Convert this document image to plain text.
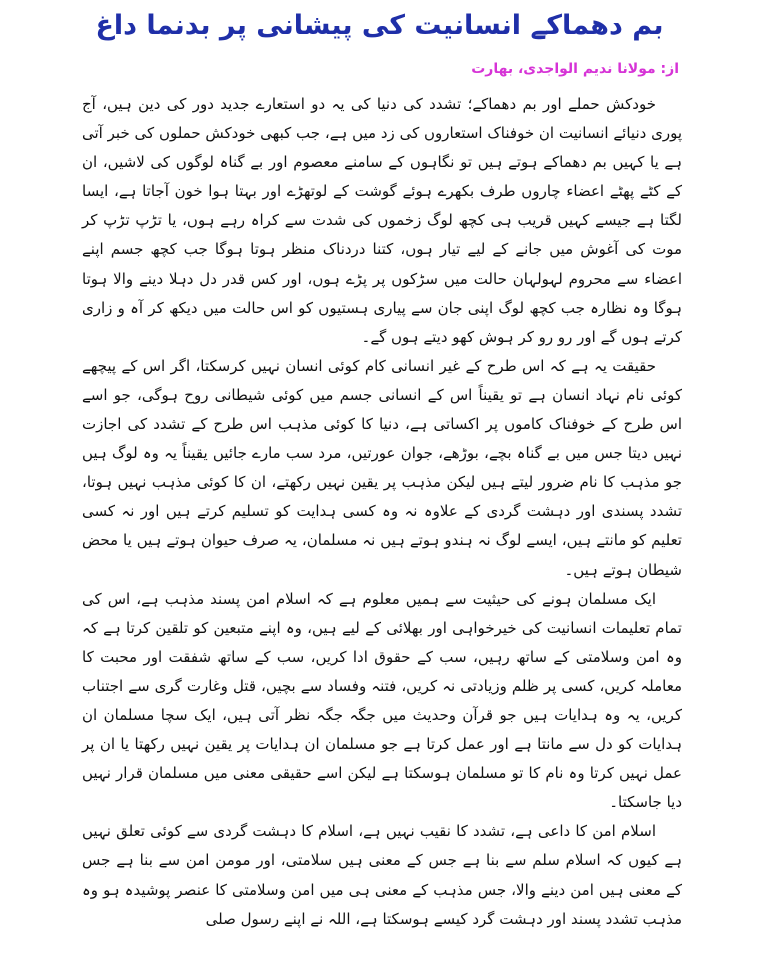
بم دھماکے انسانیت کی پیشانی پر بدنما داغ
از: مولانا ندیم الواجدی، بھارت

خودکش حملے اور بم دھماکے؛ تشدد کی دنیا کی یہ دو استعارے جدید دور کی دین ہیں، آج پوری دنیائے انسانیت ان خوفناک استعاروں کی زد میں ہے، جب کبھی خودکش حملوں کی خبر آتی ہے یا کہیں بم دھماکے ہوتے ہیں تو نگاہوں کے سامنے معصوم اور بے گناہ لوگوں کی لاشیں، ان کے کٹے پھٹے اعضاء چاروں طرف بکھرے ہوئے گوشت کے لوتھڑے اور بہتا ہوا خون آجاتا ہے، ایسا لگتا ہے جیسے کہیں قریب ہی کچھ لوگ زخموں کی شدت سے کراہ رہے ہوں، یا تڑپ تڑپ کر موت کی آغوش میں جانے کے لیے تیار ہوں، کتنا دردناک منظر ہوتا ہوگا جب کچھ جسم اپنے اعضاء سے محروم لہولہان حالت میں سڑکوں پر پڑے ہوں، اور کس قدر دل دہلا دینے والا ہوتا ہوگا وہ نظارہ جب کچھ لوگ اپنی جان سے پیاری ہستیوں کو اس حالت میں دیکھ کر آہ و زاری کرتے ہوں گے اور رو رو کر ہوش کھو دیتے ہوں گے۔

حقیقت یہ ہے کہ اس طرح کے غیر انسانی کام کوئی انسان نہیں کرسکتا، اگر اس کے پیچھے کوئی نام نہاد انسان ہے تو یقیناً اس کے انسانی جسم میں کوئی شیطانی روح ہوگی، جو اسے اس طرح کے خوفناک کاموں پر اکساتی ہے، دنیا کا کوئی مذہب اس طرح کے تشدد کی اجازت نہیں دیتا جس میں بے گناہ بچے، بوڑھے، جوان عورتیں، مرد سب مارے جائیں یقیناً یہ وہ لوگ ہیں جو مذہب کا نام ضرور لیتے ہیں لیکن مذہب پر یقین نہیں رکھتے، ان کا کوئی مذہب نہیں ہوتا، تشدد پسندی اور دہشت گردی کے علاوہ نہ وہ کسی ہدایت کو تسلیم کرتے ہیں اور نہ کسی تعلیم کو مانتے ہیں، ایسے لوگ نہ ہندو ہوتے ہیں نہ مسلمان، یہ صرف حیوان ہوتے ہیں یا محض شیطان ہوتے ہیں۔

ایک مسلمان ہونے کی حیثیت سے ہمیں معلوم ہے کہ اسلام امن پسند مذہب ہے، اس کی تمام تعلیمات انسانیت کی خیرخواہی اور بھلائی کے لیے ہیں، وہ اپنے متبعین کو تلقین کرتا ہے کہ وہ امن وسلامتی کے ساتھ رہیں، سب کے حقوق ادا کریں، سب کے ساتھ شفقت اور محبت کا معاملہ کریں، کسی پر ظلم وزیادتی نہ کریں، فتنہ وفساد سے بچیں، قتل وغارت گری سے اجتناب کریں، یہ وہ ہدایات ہیں جو قرآن وحدیث میں جگہ جگہ نظر آتی ہیں، ایک سچا مسلمان ان ہدایات کو دل سے مانتا ہے اور عمل کرتا ہے جو مسلمان ان ہدایات پر یقین نہیں رکھتا یا ان پر عمل نہیں کرتا وہ نام کا تو مسلمان ہوسکتا ہے لیکن اسے حقیقی معنی میں مسلمان قرار نہیں دیا جاسکتا۔

اسلام امن کا داعی ہے، تشدد کا نقیب نہیں ہے، اسلام کا دہشت گردی سے کوئی تعلق نہیں ہے کیوں کہ اسلام سلم سے بنا ہے جس کے معنی ہیں سلامتی، اور مومن امن سے بنا ہے جس کے معنی ہیں امن دینے والا، جس مذہب کے معنی ہی میں امن وسلامتی کا عنصر پوشیدہ ہو وہ مذہب تشدد پسند اور دہشت گرد کیسے ہوسکتا ہے، اللہ نے اپنے رسول صلی
